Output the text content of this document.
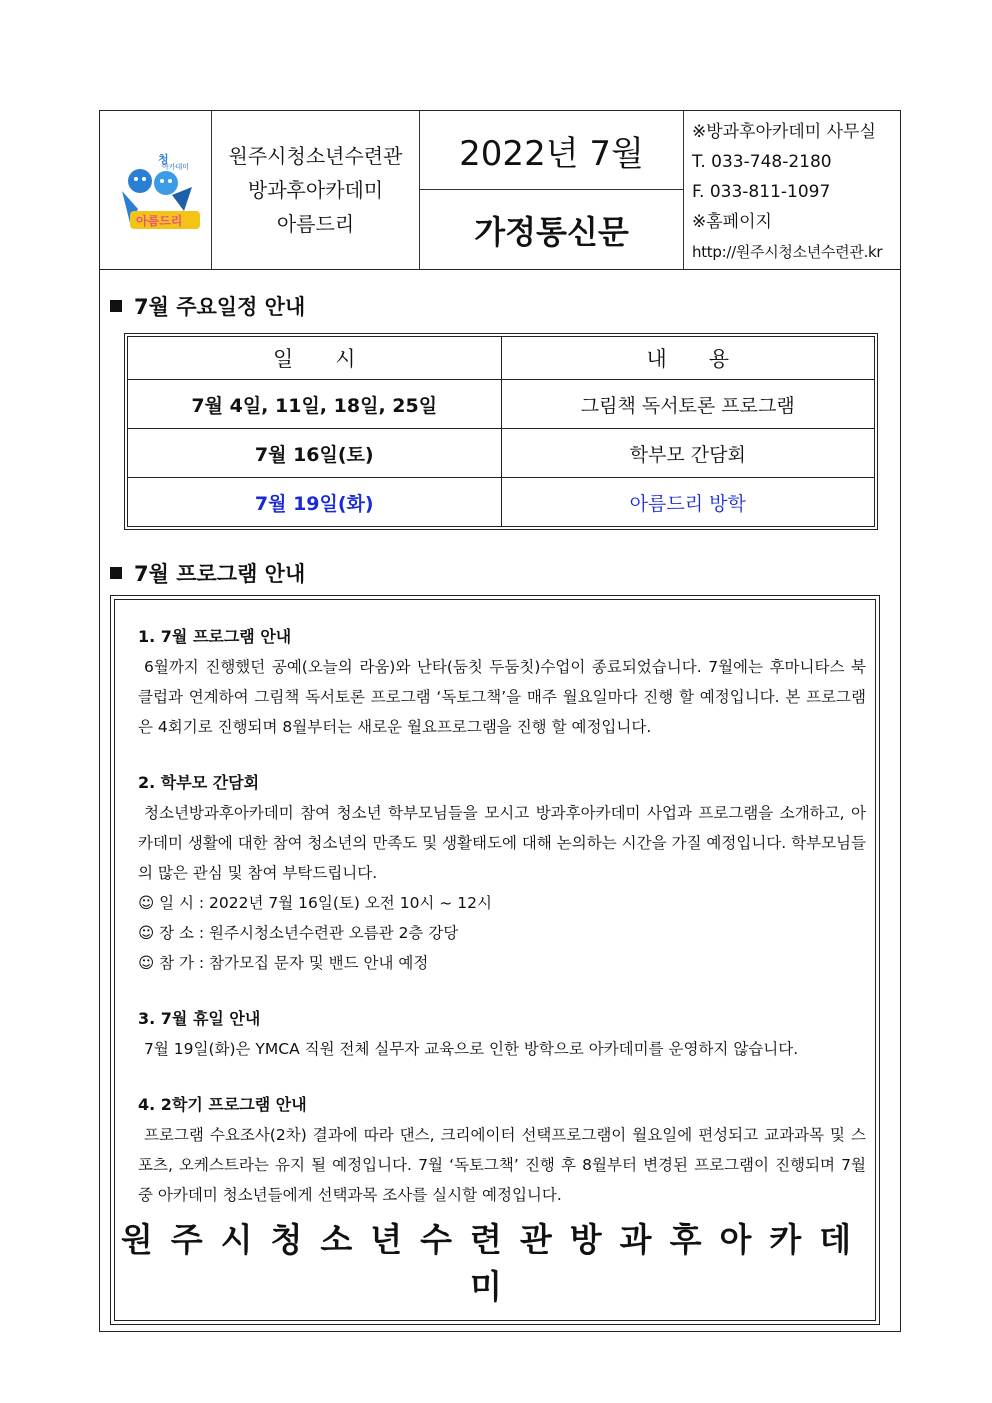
청
아카데미
아름드리
원주시청소년수련관
방과후아카데미
아름드리
2022년 7월
가정통신문
※방과후아카데미 사무실
T. 033-748-2180
F. 033-811-1097
※홈페이지
http://원주시청소년수련관.kr
7월 주요일정 안내
일　　시	내　　용
7월 4일, 11일, 18일, 25일	그림책 독서토론 프로그램
7월 16일(토)	학부모 간담회
7월 19일(화)	아름드리 방학
7월 프로그램 안내

1. 7월 프로그램 안내

6월까지 진행했던 공예(오늘의 라움)와 난타(둠칫 두둠칫)수업이 종료되었습니다. 7월에는 후마니타스 북클럽과 연계하여 그림책 독서토론 프로그램 ‘독토그책’을 매주 월요일마다 진행 할 예정입니다. 본 프로그램은 4회기로 진행되며 8월부터는 새로운 월요프로그램을 진행 할 예정입니다.

2. 학부모 간담회

청소년방과후아카데미 참여 청소년 학부모님들을 모시고 방과후아카데미 사업과 프로그램을 소개하고, 아카데미 생활에 대한 참여 청소년의 만족도 및 생활태도에 대해 논의하는 시간을 가질 예정입니다. 학부모님들의 많은 관심 및 참여 부탁드립니다.

☺ 일 시 : 2022년 7월 16일(토) 오전 10시 ~ 12시

☺ 장 소 : 원주시청소년수련관 오름관 2층 강당

☺ 참 가 : 참가모집 문자 및 밴드 안내 예정

3. 7월 휴일 안내

7월 19일(화)은 YMCA 직원 전체 실무자 교육으로 인한 방학으로 아카데미를 운영하지 않습니다.

4. 2학기 프로그램 안내

프로그램 수요조사(2차) 결과에 따라 댄스, 크리에이터 선택프로그램이 월요일에 편성되고 교과과목 및 스포츠, 오케스트라는 유지 될 예정입니다. 7월 ‘독토그책’ 진행 후 8월부터 변경된 프로그램이 진행되며 7월 중 아카데미 청소년들에게 선택과목 조사를 실시할 예정입니다.

원주시청소년수련관방과후아카데미
